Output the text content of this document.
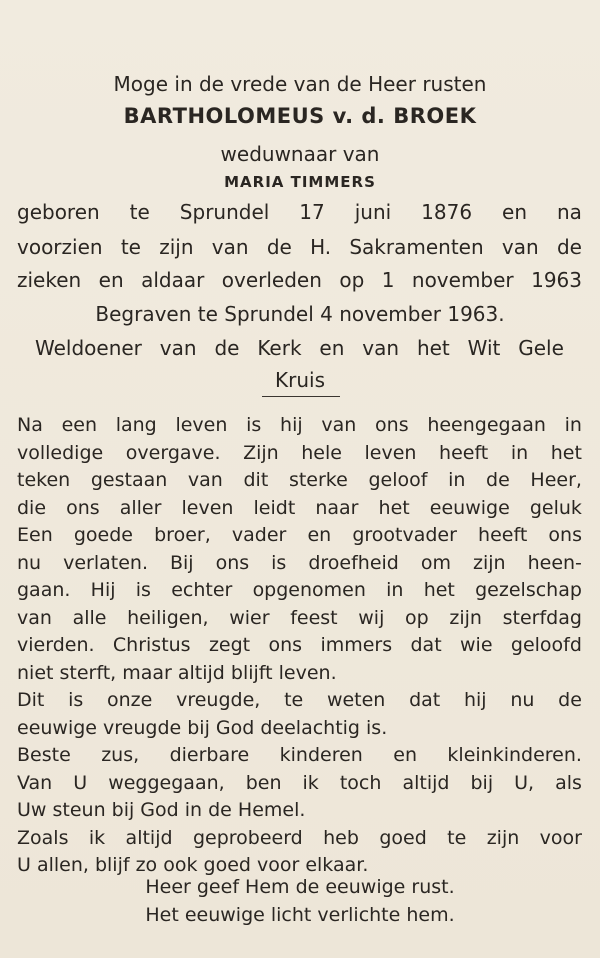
Moge in de vrede van de Heer rusten
BARTHOLOMEUS v. d. BROEK
weduwnaar van
MARIA TIMMERS
geboren te Sprundel 17 juni 1876 en na
voorzien te zijn van de H. Sakramenten van de
zieken en aldaar overleden op 1 november 1963
Begraven te Sprundel 4 november 1963.
Weldoener van de Kerk en van het Wit Gele
Kruis
Na een lang leven is hij van ons heengegaan in
volledige overgave. Zijn hele leven heeft in het
teken gestaan van dit sterke geloof in de Heer,
die ons aller leven leidt naar het eeuwige geluk
Een goede broer, vader en grootvader heeft ons
nu verlaten. Bij ons is droefheid om zijn heen-
gaan. Hij is echter opgenomen in het gezelschap
van alle heiligen, wier feest wij op zijn sterfdag
vierden. Christus zegt ons immers dat wie geloofd
niet sterft, maar altijd blijft leven.
Dit is onze vreugde, te weten dat hij nu de
eeuwige vreugde bij God deelachtig is.
Beste zus, dierbare kinderen en kleinkinderen.
Van U weggegaan, ben ik toch altijd bij U, als
Uw steun bij God in de Hemel.
Zoals ik altijd geprobeerd heb goed te zijn voor
U allen, blijf zo ook goed voor elkaar.
Heer geef Hem de eeuwige rust.
Het eeuwige licht verlichte hem.
